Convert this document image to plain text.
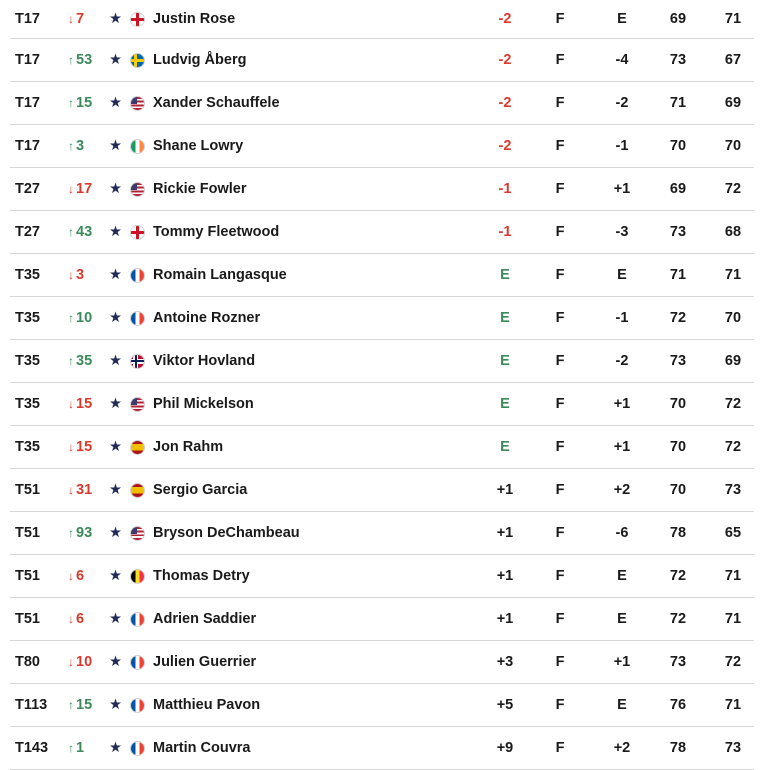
T17 ↓ 7 ★ Justin Rose	-2	F	E	69	71
T17 ↑ 53 ★ Ludvig Åberg	-2	F	-4	73	67
T17 ↑ 15 ★ Xander Schauffele	-2	F	-2	71	69
T17 ↑ 3 ★ Shane Lowry	-2	F	-1	70	70
T27 ↓ 17 ★ Rickie Fowler	-1	F	+1	69	72
T27 ↑ 43 ★ Tommy Fleetwood	-1	F	-3	73	68
T35 ↓ 3 ★ Romain Langasque	E	F	E	71	71
T35 ↑ 10 ★ Antoine Rozner	E	F	-1	72	70
T35 ↑ 35 ★ Viktor Hovland	E	F	-2	73	69
T35 ↓ 15 ★ Phil Mickelson	E	F	+1	70	72
T35 ↓ 15 ★ Jon Rahm	E	F	+1	70	72
T51 ↓ 31 ★ Sergio Garcia	+1	F	+2	70	73
T51 ↑ 93 ★ Bryson DeChambeau	+1	F	-6	78	65
T51 ↓ 6 ★ Thomas Detry	+1	F	E	72	71
T51 ↓ 6 ★ Adrien Saddier	+1	F	E	72	71
T80 ↓ 10 ★ Julien Guerrier	+3	F	+1	73	72
T113 ↑ 15 ★ Matthieu Pavon	+5	F	E	76	71
T143 ↑ 1 ★ Martin Couvra	+9	F	+2	78	73
